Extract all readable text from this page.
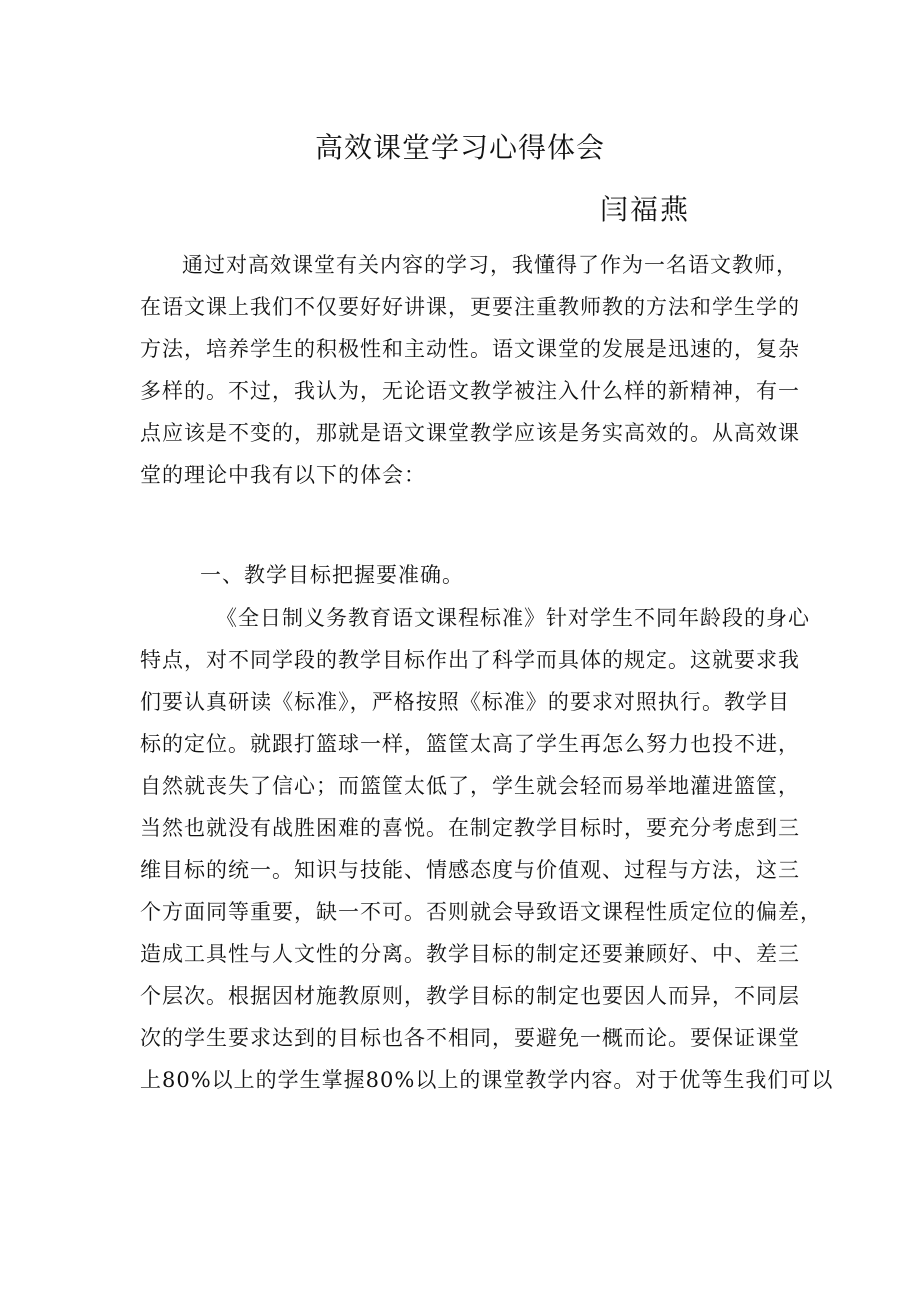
高效课堂学习心得体会

闫福燕

通过对高效课堂有关内容的学习，我懂得了作为一名语文教师，
在语文课上我们不仅要好好讲课，更要注重教师教的方法和学生学的
方法，培养学生的积极性和主动性。语文课堂的发展是迅速的，复杂
多样的。不过，我认为，无论语文教学被注入什么样的新精神，有一
点应该是不变的，那就是语文课堂教学应该是务实高效的。从高效课
堂的理论中我有以下的体会：
一、教学目标把握要准确。
《全日制义务教育语文课程标准》针对学生不同年龄段的身心
特点，对不同学段的教学目标作出了科学而具体的规定。这就要求我
们要认真研读《标准》，严格按照《标准》的要求对照执行。教学目
标的定位。就跟打篮球一样，篮筐太高了学生再怎么努力也投不进，
自然就丧失了信心；而篮筐太低了，学生就会轻而易举地灌进篮筐，
当然也就没有战胜困难的喜悦。在制定教学目标时，要充分考虑到三
维目标的统一。知识与技能、情感态度与价值观、过程与方法，这三
个方面同等重要，缺一不可。否则就会导致语文课程性质定位的偏差，
造成工具性与人文性的分离。教学目标的制定还要兼顾好、中、差三
个层次。根据因材施教原则，教学目标的制定也要因人而异，不同层
次的学生要求达到的目标也各不相同，要避免一概而论。要保证课堂
上80%以上的学生掌握80%以上的课堂教学内容。对于优等生我们可以
